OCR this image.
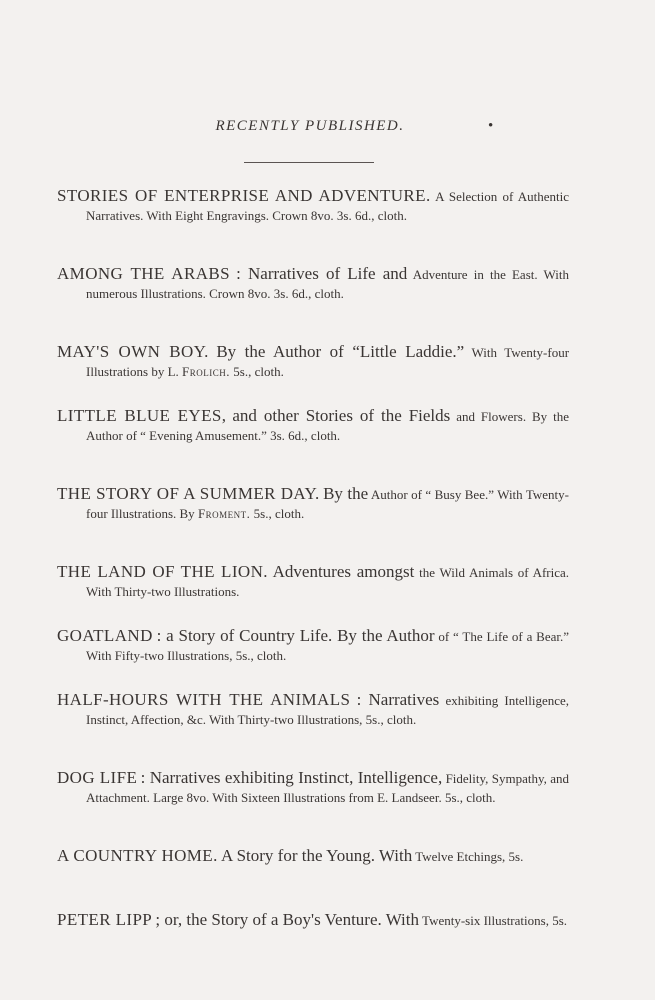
RECENTLY PUBLISHED.	•

STORIES OF ENTERPRISE AND ADVENTURE. A Selection of Authentic Narratives. With Eight Engravings. Crown 8vo. 3s. 6d., cloth.

AMONG THE ARABS : Narratives of Life and Adventure in the East. With numerous Illustrations. Crown 8vo. 3s. 6d., cloth.

MAY'S OWN BOY. By the Author of “Little Laddie.” With Twenty-four Illustrations by L. Frolich. 5s., cloth.

LITTLE BLUE EYES, and other Stories of the Fields and Flowers. By the Author of “ Evening Amusement.” 3s. 6d., cloth.

THE STORY OF A SUMMER DAY. By the Author of “ Busy Bee.” With Twenty-four Illustrations. By Froment. 5s., cloth.

THE LAND OF THE LION. Adventures amongst the Wild Animals of Africa. With Thirty-two Illustrations.

GOATLAND : a Story of Country Life. By the Author of “ The Life of a Bear.” With Fifty-two Illustrations, 5s., cloth.

HALF-HOURS WITH THE ANIMALS : Narratives exhibiting Intelligence, Instinct, Affection, &c. With Thirty-two Illustrations, 5s., cloth.

DOG LIFE : Narratives exhibiting Instinct, Intelligence, Fidelity, Sympathy, and Attachment. Large 8vo. With Sixteen Illustrations from E. Landseer. 5s., cloth.

A COUNTRY HOME. A Story for the Young. With Twelve Etchings, 5s.

PETER LIPP ; or, the Story of a Boy's Venture. With Twenty-six Illustrations, 5s.
